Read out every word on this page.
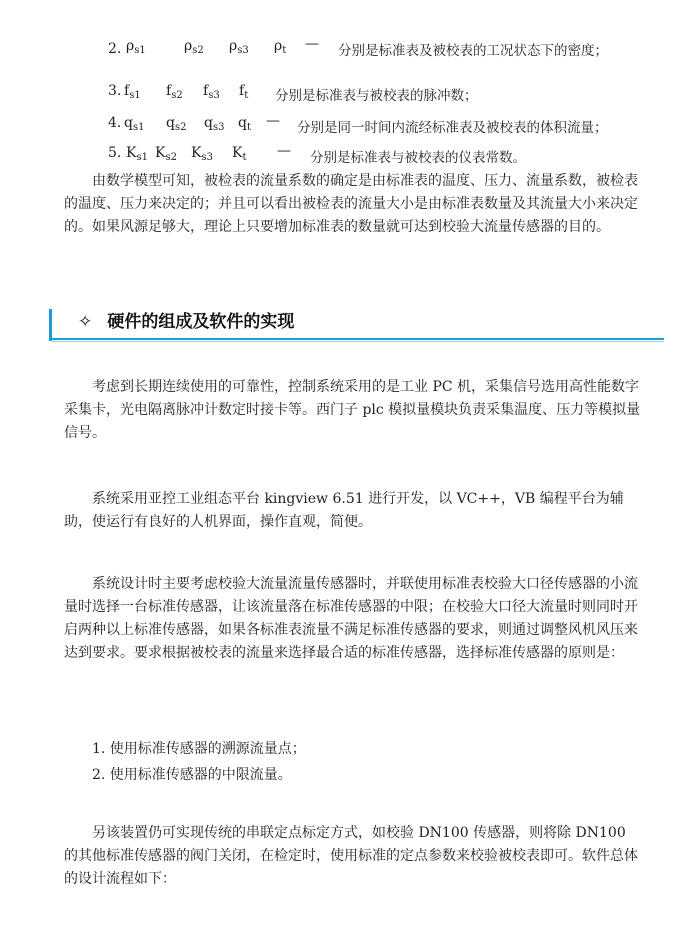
2. $\rho_{s1}$	$\rho_{s2}$ $\rho_{s3}$ $\rho_t$ — 分别是标准表及被校表的工况状态下的密度；
3. $f_{s1}$ $f_{s2}$ $f_{s3}$ $f_t$ 分别是标准表与被校表的脉冲数；
4. $q_{s1}$ $q_{s2}$ $q_{s3}$ $q_t$ — 分别是同一时间内流经标准表及被校表的体积流量；
5. $K_{s1}$ $K_{s2}$ $K_{s3}$ $K_t$ — 分别是标准表与被校表的仪表常数。

由数学模型可知，被检表的流量系数的确定是由标准表的温度、压力、流量系数，被检表的温度、压力来决定的；并且可以看出被检表的流量大小是由标准表数量及其流量大小来决定的。如果风源足够大，理论上只要增加标准表的数量就可达到校验大流量传感器的目的。

✧ 硬件的组成及软件的实现

考虑到长期连续使用的可靠性，控制系统采用的是工业 PC 机，采集信号选用高性能数字采集卡，光电隔离脉冲计数定时接卡等。西门子 plc 模拟量模块负责采集温度、压力等模拟量信号。

系统采用亚控工业组态平台 kingview 6.51 进行开发，以 VC++，VB 编程平台为辅助，使运行有良好的人机界面，操作直观，简便。

系统设计时主要考虑校验大流量流量传感器时，并联使用标准表校验大口径传感器的小流量时选择一台标准传感器，让该流量落在标准传感器的中限；在校验大口径大流量时则同时开启两种以上标准传感器，如果各标准表流量不满足标准传感器的要求，则通过调整风机风压来达到要求。要求根据被校表的流量来选择最合适的标准传感器，选择标准传感器的原则是：

1. 使用标准传感器的溯源流量点；
2. 使用标准传感器的中限流量。

另该装置仍可实现传统的串联定点标定方式，如校验 DN100 传感器，则将除 DN100 的其他标准传感器的阀门关闭，在检定时，使用标准的定点参数来校验被校表即可。软件总体的设计流程如下：
